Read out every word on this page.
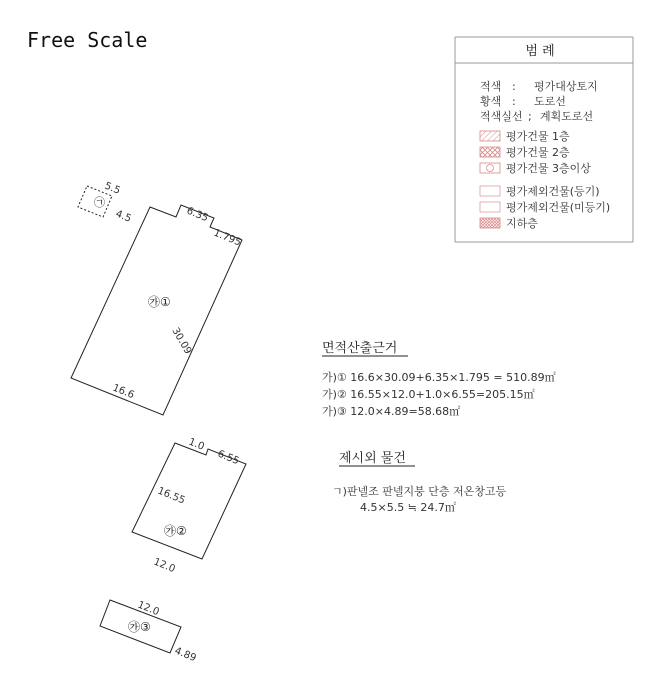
Free Scale	범 례
적색 : 평가대상토지
황색 : 도로선
적색실선 ; 계획도로선
평가건물 1층
평가건물 2층
평가건물 3층이상
평가제외건물(등기)
평가제외건물(미등기)
지하층
㉠
5.5
4.5
㉮①
6.35
1.795
30.09
16.6
㉮②
1.0
6.55
16.55
12.0
㉮③
12.0
4.89
면적산출근거
가)① 16.6×30.09+6.35×1.795 = 510.89㎡
가)② 16.55×12.0+1.0×6.55=205.15㎡
가)③ 12.0×4.89=58.68㎡
제시외 물건
ㄱ)판넬조 판넬지붕 단층 저온창고등
4.5×5.5 ≒ 24.7㎡
